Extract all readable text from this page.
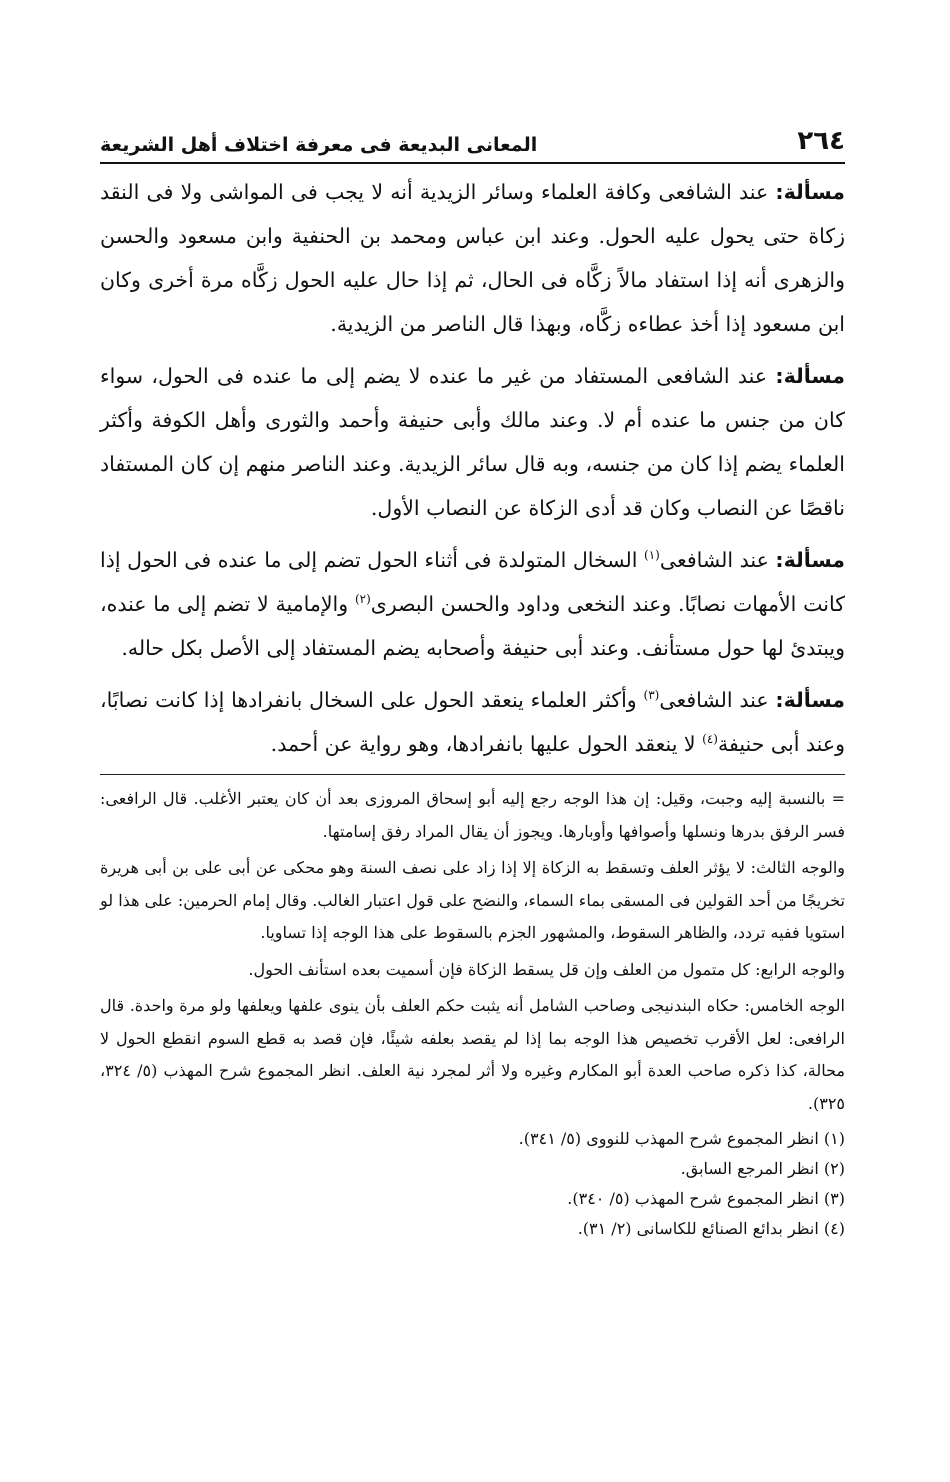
٢٦٤
المعانى البديعة فى معرفة اختلاف أهل الشريعة

مسألة: عند الشافعى وكافة العلماء وسائر الزيدية أنه لا يجب فى المواشى ولا فى النقد زكاة حتى يحول عليه الحول. وعند ابن عباس ومحمد بن الحنفية وابن مسعود والحسن والزهرى أنه إذا استفاد مالاً زكَّاه فى الحال، ثم إذا حال عليه الحول زكَّاه مرة أخرى وكان ابن مسعود إذا أخذ عطاءه زكَّاه، وبهذا قال الناصر من الزيدية.

مسألة: عند الشافعى المستفاد من غير ما عنده لا يضم إلى ما عنده فى الحول، سواء كان من جنس ما عنده أم لا. وعند مالك وأبى حنيفة وأحمد والثورى وأهل الكوفة وأكثر العلماء يضم إذا كان من جنسه، وبه قال سائر الزيدية. وعند الناصر منهم إن كان المستفاد ناقصًا عن النصاب وكان قد أدى الزكاة عن النصاب الأول.

مسألة: عند الشافعى$^{(١)}$ السخال المتولدة فى أثناء الحول تضم إلى ما عنده فى الحول إذا كانت الأمهات نصابًا. وعند النخعى وداود والحسن البصرى$^{(٢)}$ والإمامية لا تضم إلى ما عنده، ويبتدئ لها حول مستأنف. وعند أبى حنيفة وأصحابه يضم المستفاد إلى الأصل بكل حاله.

مسألة: عند الشافعى$^{(٣)}$ وأكثر العلماء ينعقد الحول على السخال بانفرادها إذا كانت نصابًا، وعند أبى حنيفة$^{(٤)}$ لا ينعقد الحول عليها بانفرادها، وهو رواية عن أحمد.

= بالنسبة إليه وجبت، وقيل: إن هذا الوجه رجع إليه أبو إسحاق المروزى بعد أن كان يعتبر الأغلب. قال الرافعى: فسر الرفق بدرها ونسلها وأصوافها وأوبارها. ويجوز أن يقال المراد رفق إسامتها.

والوجه الثالث: لا يؤثر العلف وتسقط به الزكاة إلا إذا زاد على نصف السنة وهو محكى عن أبى على بن أبى هريرة تخريجًا من أحد القولين فى المسقى بماء السماء، والنضح على قول اعتبار الغالب. وقال إمام الحرمين: على هذا لو استويا ففيه تردد، والظاهر السقوط، والمشهور الجزم بالسقوط على هذا الوجه إذا تساويا.

والوجه الرابع: كل متمول من العلف وإن قل يسقط الزكاة فإن أسميت بعده استأنف الحول.

الوجه الخامس: حكاه البندنيجى وصاحب الشامل أنه يثبت حكم العلف بأن ينوى علفها ويعلفها ولو مرة واحدة. قال الرافعى: لعل الأقرب تخصيص هذا الوجه بما إذا لم يقصد بعلفه شيئًا، فإن قصد به قطع السوم انقطع الحول لا محالة، كذا ذكره صاحب العدة أبو المكارم وغيره ولا أثر لمجرد نية العلف. انظر المجموع شرح المهذب (٥/ ٣٢٤، ٣٢٥).

(١) انظر المجموع شرح المهذب للنووى (٥/ ٣٤١).

(٢) انظر المرجع السابق.

(٣) انظر المجموع شرح المهذب (٥/ ٣٤٠).

(٤) انظر بدائع الصنائع للكاسانى (٢/ ٣١).
